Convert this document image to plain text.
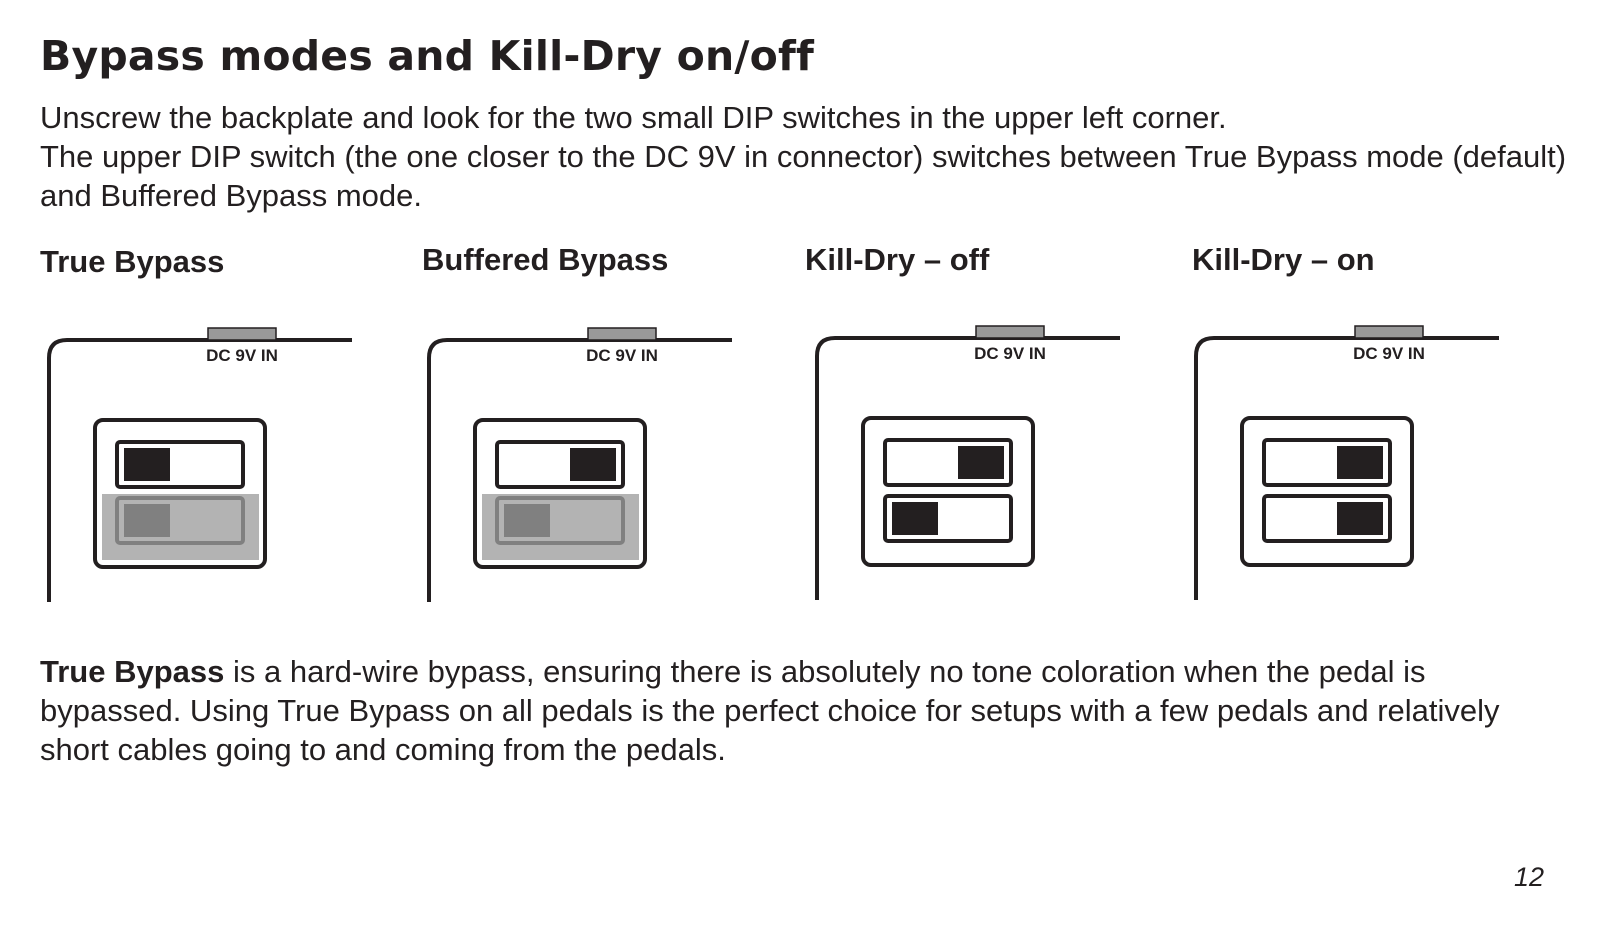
Bypass modes and Kill-Dry on/off

Unscrew the backplate and look for the two small DIP switches in the upper left corner.

The upper DIP switch (the one closer to the DC 9V in connector) switches between True Bypass mode (default) and Buffered Bypass mode.

True Bypass	Buffered Bypass	Kill-Dry – off	Kill-Dry – on
DC 9V IN	DC 9V IN	DC 9V IN	DC 9V IN

True Bypass is a hard-wire bypass, ensuring there is absolutely no tone coloration when the pedal is bypassed. Using True Bypass on all pedals is the perfect choice for setups with a few pedals and relatively short cables going to and coming from the pedals.

12
